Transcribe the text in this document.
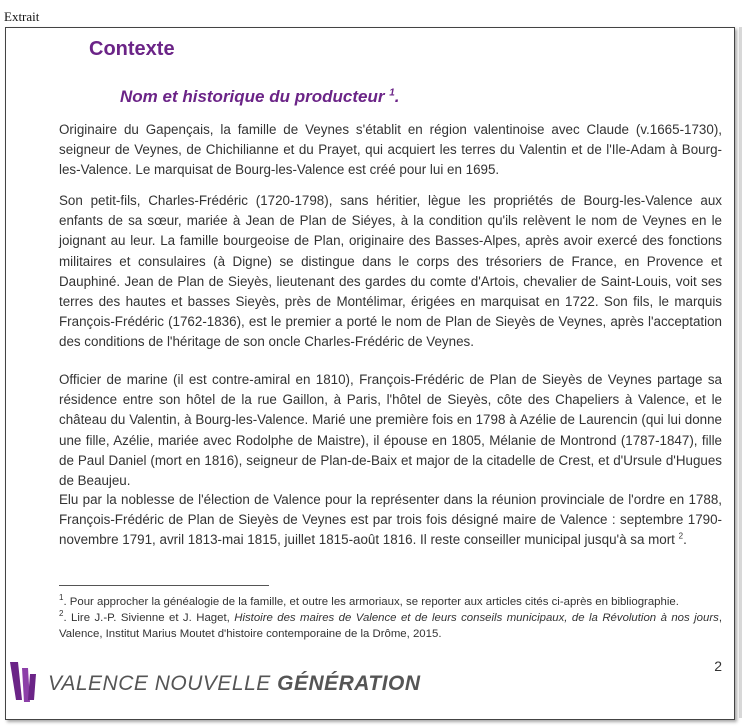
Extrait
Contexte
Nom et historique du producteur $^1$.
Originaire du Gapençais, la famille de Veynes s'établit en région valentinoise avec Claude (v.1665-1730), seigneur de Veynes, de Chichilianne et du Prayet, qui acquiert les terres du Valentin et de l'Ile-Adam à Bourg-les-Valence. Le marquisat de Bourg-les-Valence est créé pour lui en 1695.
Son petit-fils, Charles-Frédéric (1720-1798), sans héritier, lègue les propriétés de Bourg-les-Valence aux enfants de sa sœur, mariée à Jean de Plan de Siéyes, à la condition qu'ils relèvent le nom de Veynes en le joignant au leur. La famille bourgeoise de Plan, originaire des Basses-Alpes, après avoir exercé des fonctions militaires et consulaires (à Digne) se distingue dans le corps des trésoriers de France, en Provence et Dauphiné. Jean de Plan de Sieyès, lieutenant des gardes du comte d'Artois, chevalier de Saint-Louis, voit ses terres des hautes et basses Sieyès, près de Montélimar, érigées en marquisat en 1722. Son fils, le marquis François-Frédéric (1762-1836), est le premier a porté le nom de Plan de Sieyès de Veynes, après l'acceptation des conditions de l'héritage de son oncle Charles-Frédéric de Veynes.
Officier de marine (il est contre-amiral en 1810), François-Frédéric de Plan de Sieyès de Veynes partage sa résidence entre son hôtel de la rue Gaillon, à Paris, l'hôtel de Sieyès, côte des Chapeliers à Valence, et le château du Valentin, à Bourg-les-Valence. Marié une première fois en 1798 à Azélie de Laurencin (qui lui donne une fille, Azélie, mariée avec Rodolphe de Maistre), il épouse en 1805, Mélanie de Montrond (1787-1847), fille de Paul Daniel (mort en 1816), seigneur de Plan-de-Baix et major de la citadelle de Crest, et d'Ursule d'Hugues de Beaujeu.
Elu par la noblesse de l'élection de Valence pour la représenter dans la réunion provinciale de l'ordre en 1788, François-Frédéric de Plan de Sieyès de Veynes est par trois fois désigné maire de Valence : septembre 1790-novembre 1791, avril 1813-mai 1815, juillet 1815-août 1816. Il reste conseiller municipal jusqu'à sa mort $^2$.
$^1$. Pour approcher la généalogie de la famille, et outre les armoriaux, se reporter aux articles cités ci-après en bibliographie.
$^2$. Lire J.-P. Sivienne et J. Haget, Histoire des maires de Valence et de leurs conseils municipaux, de la Révolution à nos jours, Valence, Institut Marius Moutet d'histoire contemporaine de la Drôme, 2015.
2
VALENCE NOUVELLE GÉNÉRATION
